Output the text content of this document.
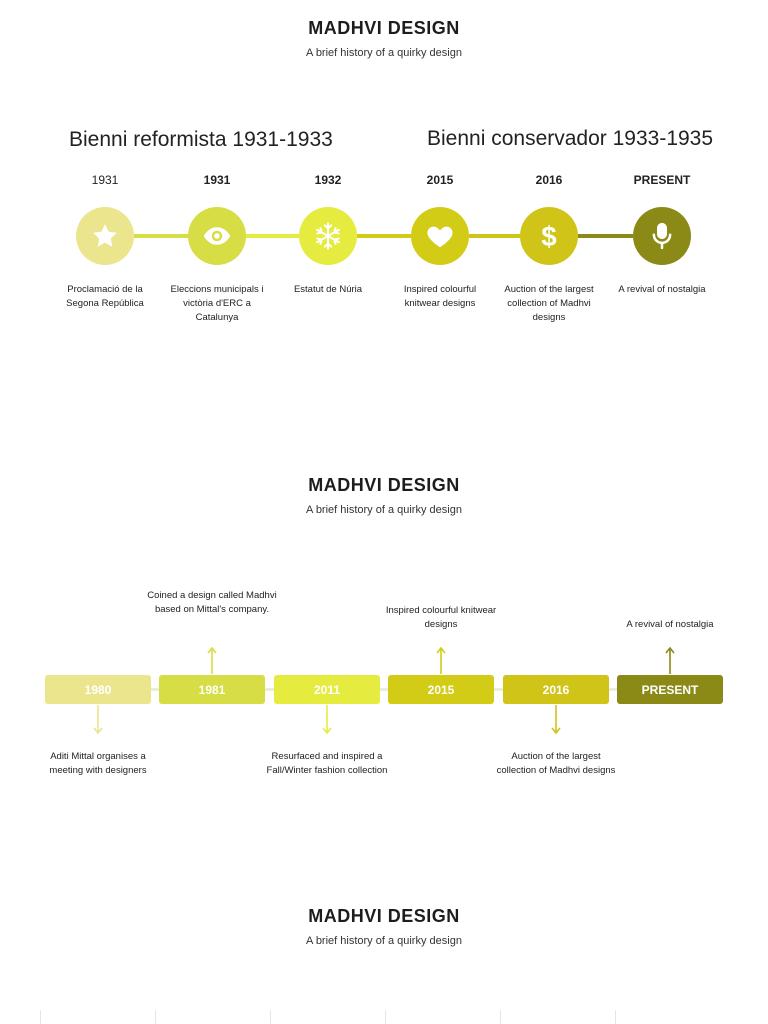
MADHVI DESIGN
A brief history of a quirky design
Bienni reformista 1931-1933	Bienni conservador 1933-1935
1931
Proclamació de la Segona República
1931
Eleccions municipals i victòria d'ERC a Catalunya
1932
Estatut de Núria
2015
Inspired colourful knitwear designs
2016
$
Auction of the largest collection of Madhvi designs
PRESENT
A revival of nostalgia
MADHVI DESIGN
A brief history of a quirky design
1980
Aditi Mittal organises a meeting with designers
1981
Coined a design called Madhvi based on Mittal's company.
2011
Resurfaced and inspired a Fall/Winter fashion collection
2015
Inspired colourful knitwear designs
2016
Auction of the largest collection of Madhvi designs
PRESENT
A revival of nostalgia
MADHVI DESIGN
A brief history of a quirky design
